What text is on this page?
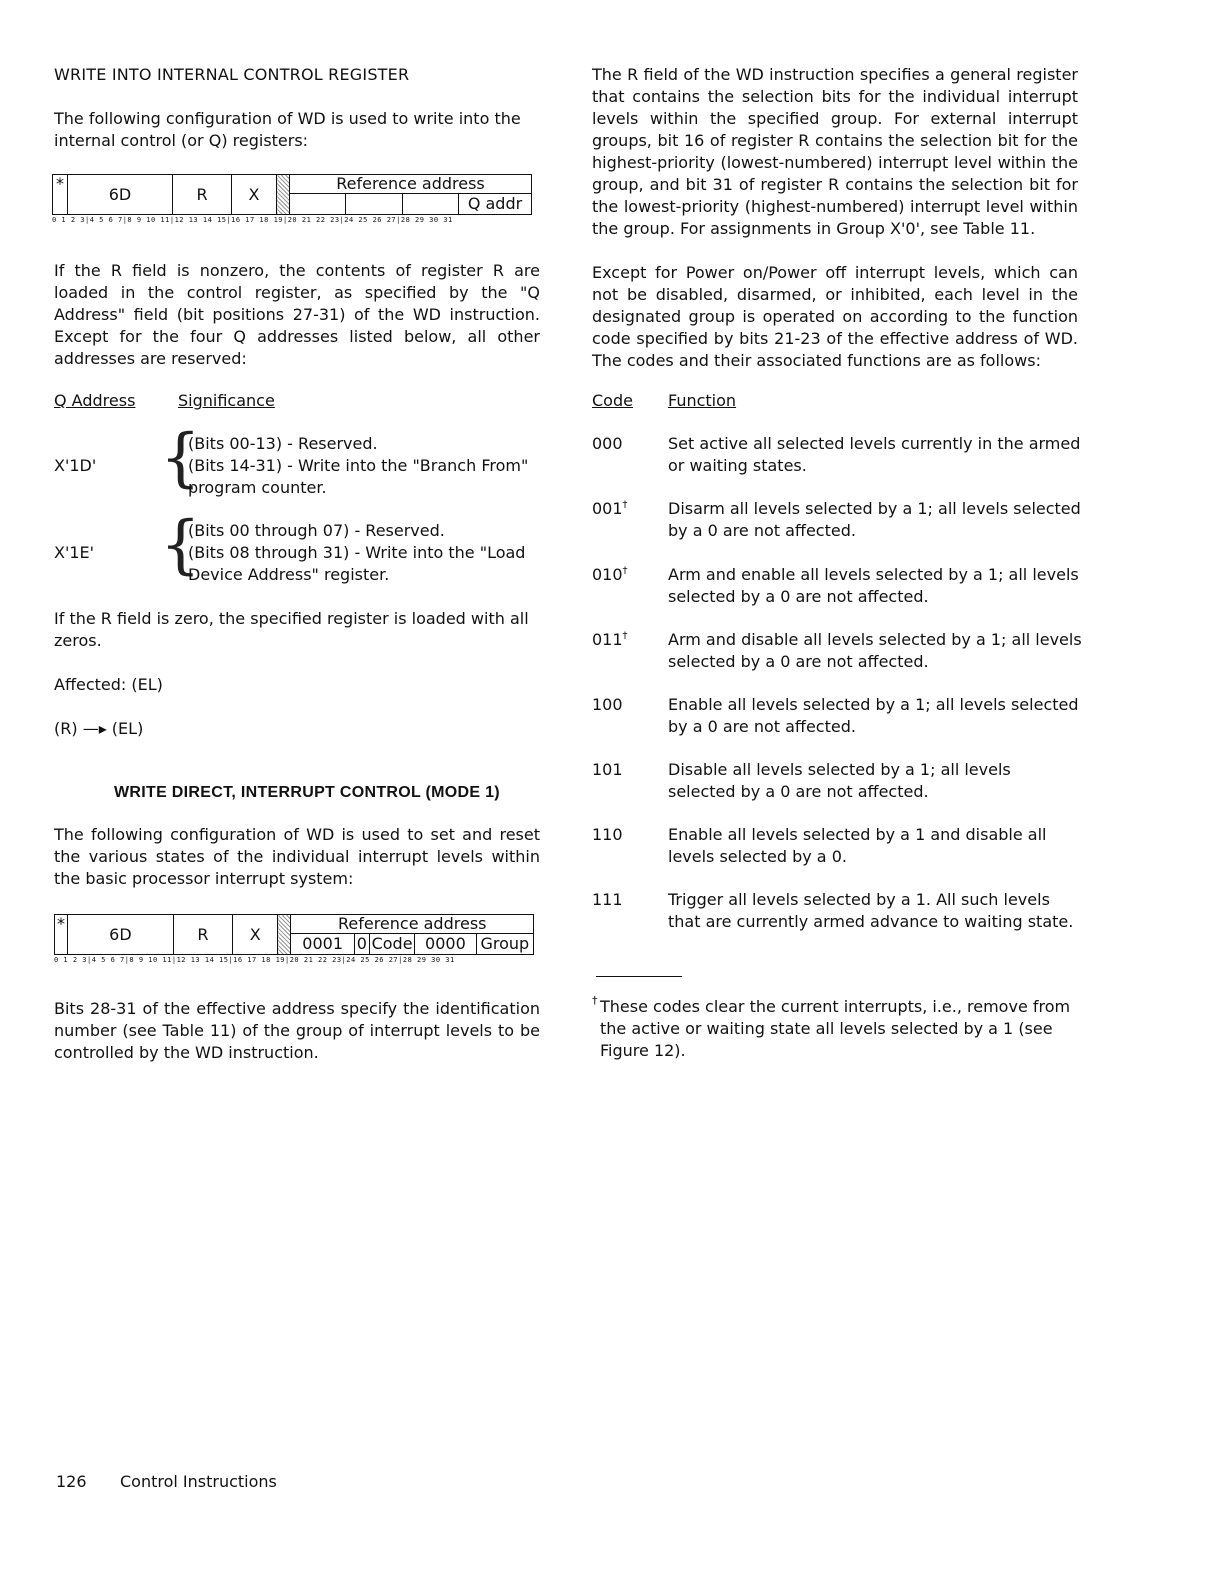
WRITE INTO INTERNAL CONTROL REGISTER

The following configuration of WD is used to write into the internal control (or Q) registers:

*	6D	R	X		Reference address			
								Q addr
0 1 2 3|4 5 6 7|8 9 10 11|12 13 14 15|16 17 18 19|20 21 22 23|24 25 26 27|28 29 30 31

If the R field is nonzero, the contents of register R are loaded in the control register, as specified by the "Q Address" field (bit positions 27-31) of the WD instruction. Except for the four Q addresses listed below, all other addresses are reserved:

Q Address	Significance
X'1D' {
(Bits 00-13) - Reserved.
(Bits 14-31) - Write into the "Branch From"
program counter.
X'1E' {
(Bits 00 through 07) - Reserved.
(Bits 08 through 31) - Write into the "Load
Device Address" register.

If the R field is zero, the specified register is loaded with all zeros.

Affected: (EL)

(R) —▸ (EL)

WRITE DIRECT, INTERRUPT CONTROL (MODE 1)

The following configuration of WD is used to set and reset the various states of the individual interrupt levels within the basic processor interrupt system:

*	6D	R	X		Reference address				
					0001	0	Code	0000	Group
0 1 2 3|4 5 6 7|8 9 10 11|12 13 14 15|16 17 18 19|20 21 22 23|24 25 26 27|28 29 30 31

Bits 28-31 of the effective address specify the identification number (see Table 11) of the group of interrupt levels to be controlled by the WD instruction.

The R field of the WD instruction specifies a general register that contains the selection bits for the individual interrupt levels within the specified group. For external interrupt groups, bit 16 of register R contains the selection bit for the highest-priority (lowest-numbered) interrupt level within the group, and bit 31 of register R contains the selection bit for the lowest-priority (highest-numbered) interrupt level within the group. For assignments in Group X'0', see Table 11.

Except for Power on/Power off interrupt levels, which can not be disabled, disarmed, or inhibited, each level in the designated group is operated on according to the function code specified by bits 21-23 of the effective address of WD. The codes and their associated functions are as follows:

Code Function
000	Set active all selected levels currently in the armed or waiting states.
001†	Disarm all levels selected by a 1; all levels selected by a 0 are not affected.
010†	Arm and enable all levels selected by a 1; all levels selected by a 0 are not affected.
011†	Arm and disable all levels selected by a 1; all levels selected by a 0 are not affected.
100	Enable all levels selected by a 1; all levels selected by a 0 are not affected.
101	Disable all levels selected by a 1; all levels selected by a 0 are not affected.
110	Enable all levels selected by a 1 and disable all levels selected by a 0.
111	Trigger all levels selected by a 1. All such levels that are currently armed advance to waiting state.
† These codes clear the current interrupts, i.e., remove from the active or waiting state all levels selected by a 1 (see Figure 12).

126 Control Instructions
